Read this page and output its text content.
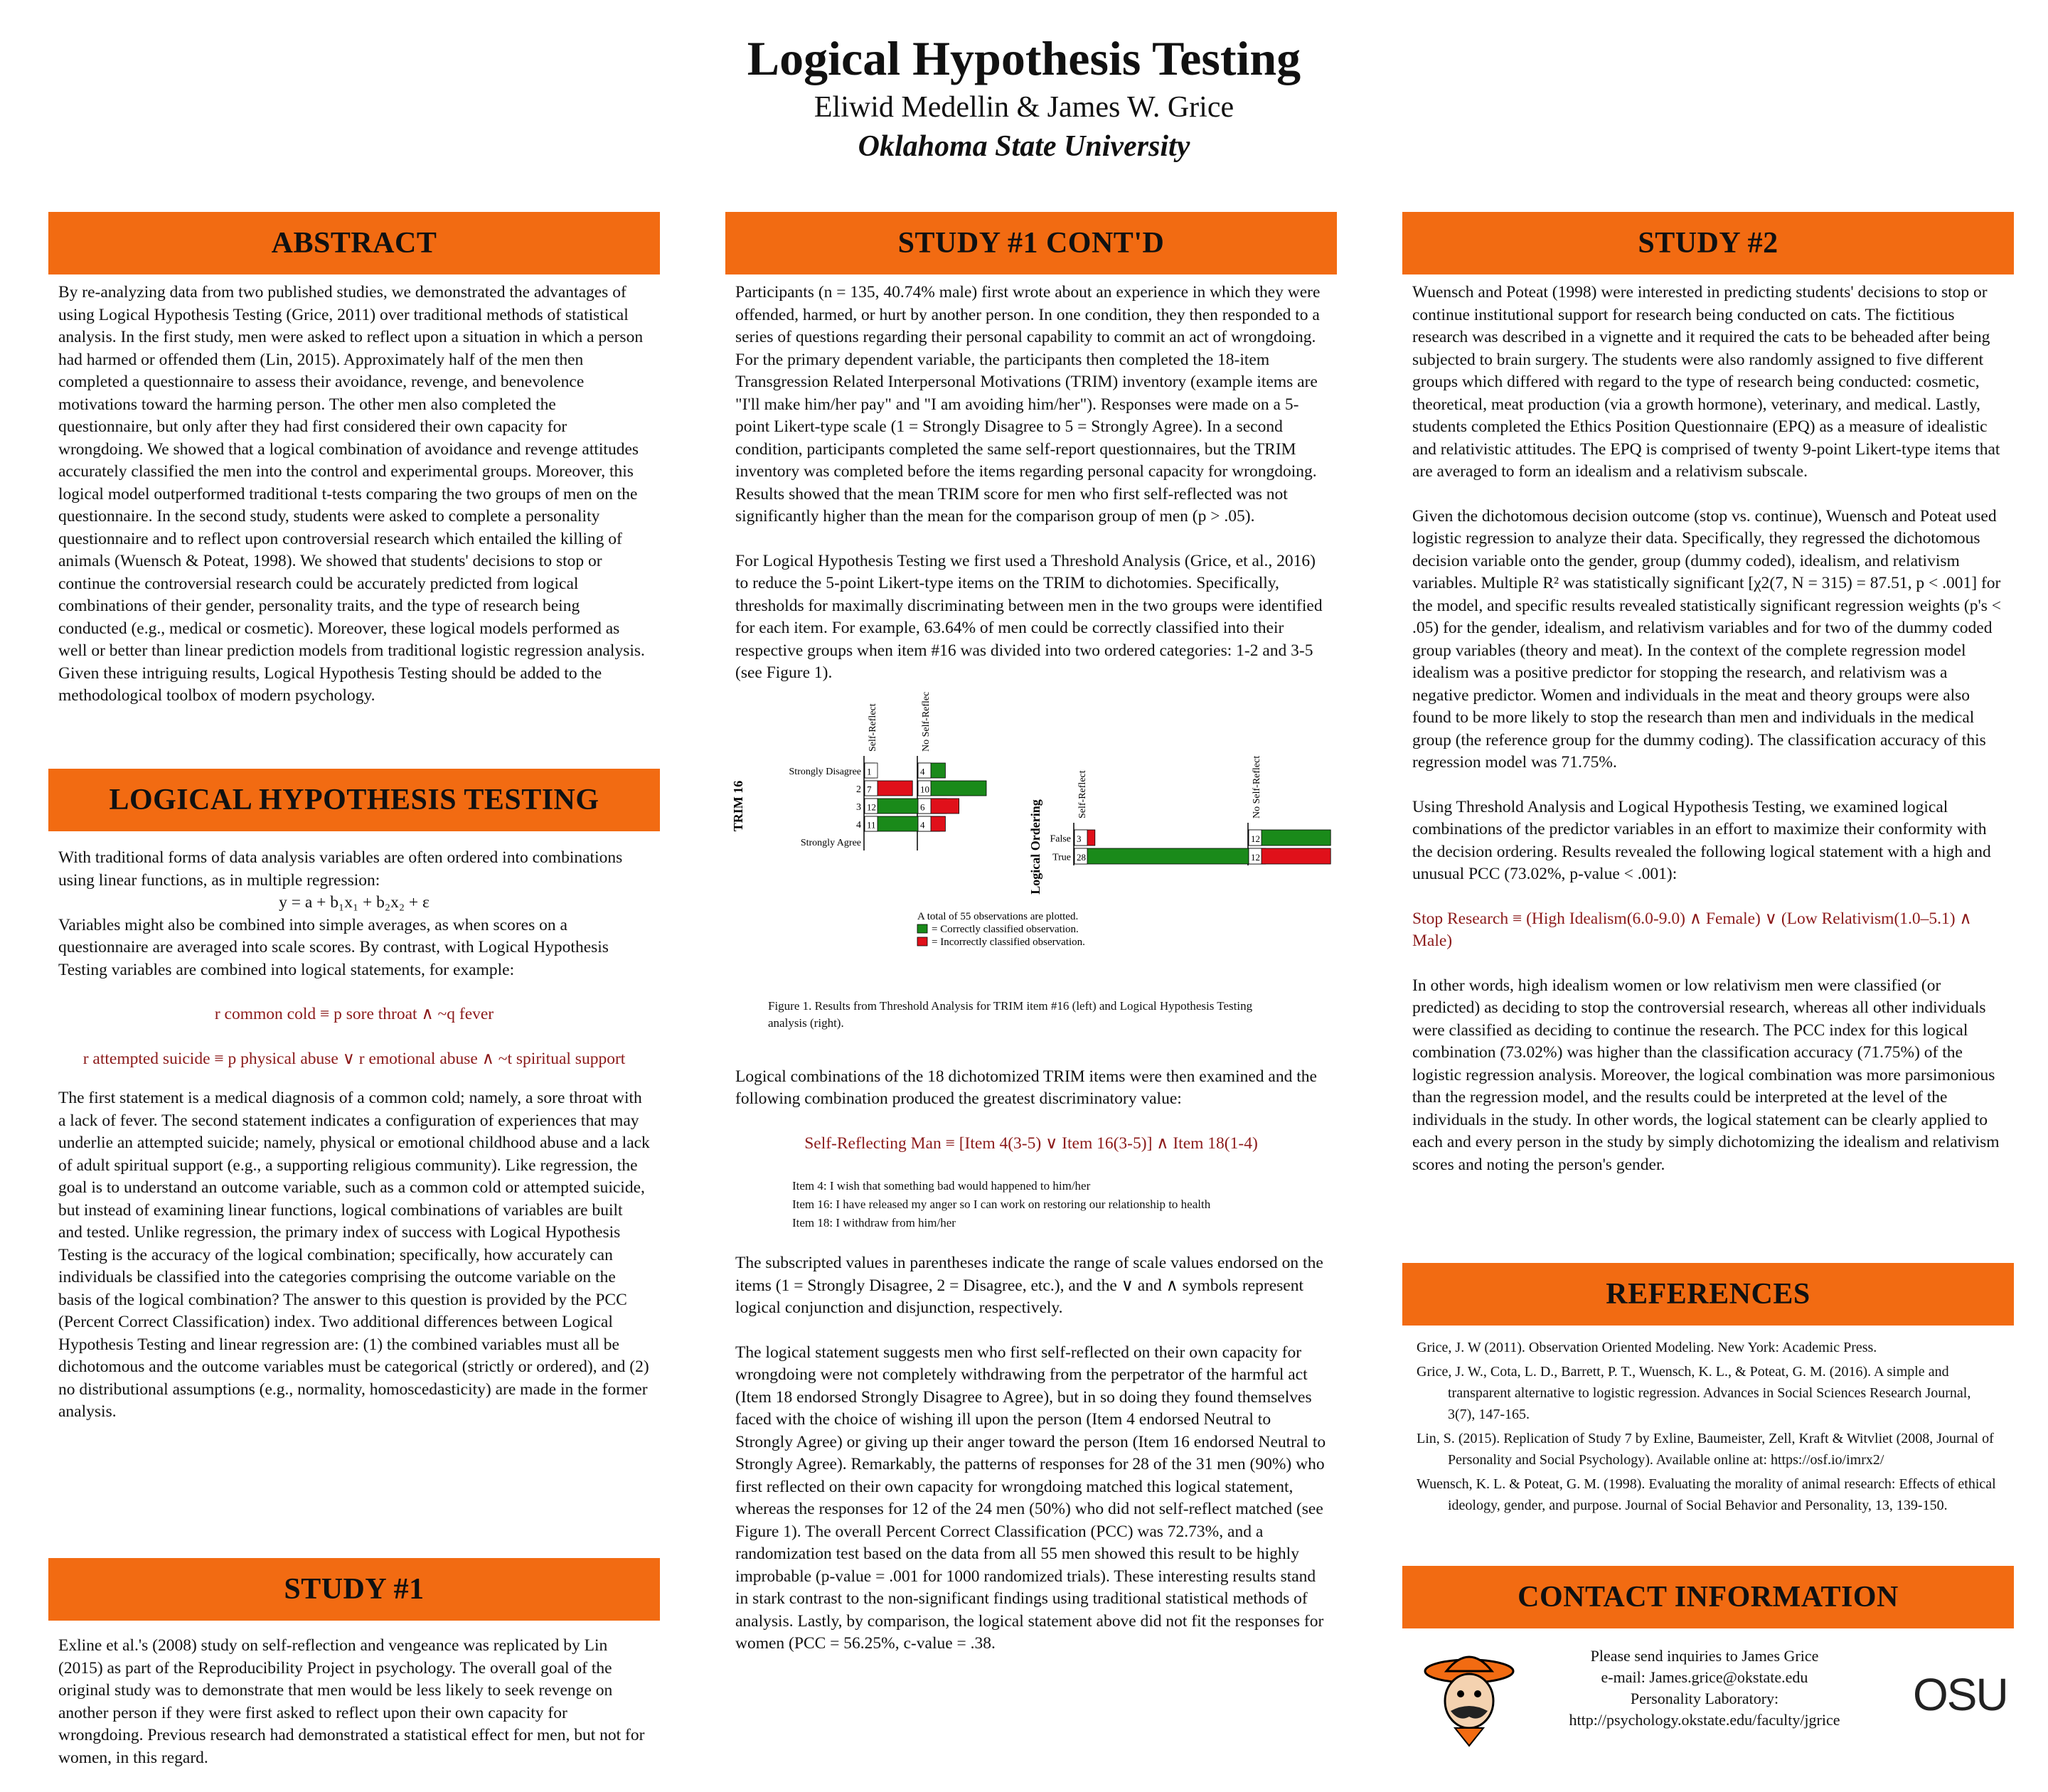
Logical Hypothesis Testing
Eliwid Medellin & James W. Grice
Oklahoma State University
ABSTRACT

By re-analyzing data from two published studies, we demonstrated the advantages of using Logical Hypothesis Testing (Grice, 2011) over traditional methods of statistical analysis. In the first study, men were asked to reflect upon a situation in which a person had harmed or offended them (Lin, 2015). Approximately half of the men then completed a questionnaire to assess their avoidance, revenge, and benevolence motivations toward the harming person. The other men also completed the questionnaire, but only after they had first considered their own capacity for wrongdoing. We showed that a logical combination of avoidance and revenge attitudes accurately classified the men into the control and experimental groups. Moreover, this logical model outperformed traditional t-tests comparing the two groups of men on the questionnaire. In the second study, students were asked to complete a personality questionnaire and to reflect upon controversial research which entailed the killing of animals (Wuensch & Poteat, 1998). We showed that students' decisions to stop or continue the controversial research could be accurately predicted from logical combinations of their gender, personality traits, and the type of research being conducted (e.g., medical or cosmetic). Moreover, these logical models performed as well or better than linear prediction models from traditional logistic regression analysis. Given these intriguing results, Logical Hypothesis Testing should be added to the methodological toolbox of modern psychology.

LOGICAL HYPOTHESIS TESTING
With traditional forms of data analysis variables are often ordered into combinations using linear functions, as in multiple regression:
y = a + b₁x₁ + b₂x₂ + ε

Variables might also be combined into simple averages, as when scores on a questionnaire are averaged into scale scores. By contrast, with Logical Hypothesis Testing variables are combined into logical statements, for example:

r common cold ≡ p sore throat ∧ ~q fever

r attempted suicide ≡ p physical abuse ∨ r emotional abuse ∧ ~t spiritual support

The first statement is a medical diagnosis of a common cold; namely, a sore throat with a lack of fever. The second statement indicates a configuration of experiences that may underlie an attempted suicide; namely, physical or emotional childhood abuse and a lack of adult spiritual support (e.g., a supporting religious community). Like regression, the goal is to understand an outcome variable, such as a common cold or attempted suicide, but instead of examining linear functions, logical combinations of variables are built and tested. Unlike regression, the primary index of success with Logical Hypothesis Testing is the accuracy of the logical combination; specifically, how accurately can individuals be classified into the categories comprising the outcome variable on the basis of the logical combination? The answer to this question is provided by the PCC (Percent Correct Classification) index. Two additional differences between Logical Hypothesis Testing and linear regression are: (1) the combined variables must all be dichotomous and the outcome variables must be categorical (strictly or ordered), and (2) no distributional assumptions (e.g., normality, homoscedasticity) are made in the former analysis.

STUDY #1

Exline et al.'s (2008) study on self-reflection and vengeance was replicated by Lin (2015) as part of the Reproducibility Project in psychology. The overall goal of the original study was to demonstrate that men would be less likely to seek revenge on another person if they were first asked to reflect upon their own capacity for wrongdoing. Previous research had demonstrated a statistical effect for men, but not for women, in this regard.

STUDY #1 CONT'D

Participants (n = 135, 40.74% male) first wrote about an experience in which they were offended, harmed, or hurt by another person. In one condition, they then responded to a series of questions regarding their personal capability to commit an act of wrongdoing. For the primary dependent variable, the participants then completed the 18-item Transgression Related Interpersonal Motivations (TRIM) inventory (example items are "I'll make him/her pay" and "I am avoiding him/her"). Responses were made on a 5-point Likert-type scale (1 = Strongly Disagree to 5 = Strongly Agree). In a second condition, participants completed the same self-report questionnaires, but the TRIM inventory was completed before the items regarding personal capacity for wrongdoing. Results showed that the mean TRIM score for men who first self-reflected was not significantly higher than the mean for the comparison group of men (p > .05).

For Logical Hypothesis Testing we first used a Threshold Analysis (Grice, et al., 2016) to reduce the 5-point Likert-type items on the TRIM to dichotomies. Specifically, thresholds for maximally discriminating between men in the two groups were identified for each item. For example, 63.64% of men could be correctly classified into their respective groups when item #16 was divided into two ordered categories: 1-2 and 3-5 (see Figure 1).

TRIM 16
Self-Reflect	No Self-Reflect
Strongly Disagree 1	4
2 7	10
3 12	6
4 11	4
Strongly Agree	Logical Ordering
Self-Reflect	No Self-Reflect
False 3	12
True 28	12
A total of 55 observations are plotted.
= Correctly classified observation.
= Incorrectly classified observation.
Figure 1. Results from Threshold Analysis for TRIM item #16 (left) and Logical Hypothesis Testing analysis (right).

Logical combinations of the 18 dichotomized TRIM items were then examined and the following combination produced the greatest discriminatory value:

Self-Reflecting Man ≡ [Item 4(3-5) ∨ Item 16(3-5)] ∧ Item 18(1-4)

Item 4: I wish that something bad would happened to him/her
Item 16: I have released my anger so I can work on restoring our relationship to health
Item 18: I withdraw from him/her

The subscripted values in parentheses indicate the range of scale values endorsed on the items (1 = Strongly Disagree, 2 = Disagree, etc.), and the ∨ and ∧ symbols represent logical conjunction and disjunction, respectively.

The logical statement suggests men who first self-reflected on their own capacity for wrongdoing were not completely withdrawing from the perpetrator of the harmful act (Item 18 endorsed Strongly Disagree to Agree), but in so doing they found themselves faced with the choice of wishing ill upon the person (Item 4 endorsed Neutral to Strongly Agree) or giving up their anger toward the person (Item 16 endorsed Neutral to Strongly Agree). Remarkably, the patterns of responses for 28 of the 31 men (90%) who first reflected on their own capacity for wrongdoing matched this logical statement, whereas the responses for 12 of the 24 men (50%) who did not self-reflect matched (see Figure 1). The overall Percent Correct Classification (PCC) was 72.73%, and a randomization test based on the data from all 55 men showed this result to be highly improbable (p-value = .001 for 1000 randomized trials). These interesting results stand in stark contrast to the non-significant findings using traditional statistical methods of analysis. Lastly, by comparison, the logical statement above did not fit the responses for women (PCC = 56.25%, c-value = .38.

STUDY #2

Wuensch and Poteat (1998) were interested in predicting students' decisions to stop or continue institutional support for research being conducted on cats. The fictitious research was described in a vignette and it required the cats to be beheaded after being subjected to brain surgery. The students were also randomly assigned to five different groups which differed with regard to the type of research being conducted: cosmetic, theoretical, meat production (via a growth hormone), veterinary, and medical. Lastly, students completed the Ethics Position Questionnaire (EPQ) as a measure of idealistic and relativistic attitudes. The EPQ is comprised of twenty 9-point Likert-type items that are averaged to form an idealism and a relativism subscale.

Given the dichotomous decision outcome (stop vs. continue), Wuensch and Poteat used logistic regression to analyze their data. Specifically, they regressed the dichotomous decision variable onto the gender, group (dummy coded), idealism, and relativism variables. Multiple R² was statistically significant [χ2(7, N = 315) = 87.51, p < .001] for the model, and specific results revealed statistically significant regression weights (p's < .05) for the gender, idealism, and relativism variables and for two of the dummy coded group variables (theory and meat). In the context of the complete regression model idealism was a positive predictor for stopping the research, and relativism was a negative predictor. Women and individuals in the meat and theory groups were also found to be more likely to stop the research than men and individuals in the medical group (the reference group for the dummy coding). The classification accuracy of this regression model was 71.75%.

Using Threshold Analysis and Logical Hypothesis Testing, we examined logical combinations of the predictor variables in an effort to maximize their conformity with the decision ordering. Results revealed the following logical statement with a high and unusual PCC (73.02%, p-value < .001):

Stop Research ≡ (High Idealism(6.0-9.0) ∧ Female) ∨ (Low Relativism(1.0–5.1) ∧ Male)

In other words, high idealism women or low relativism men were classified (or predicted) as deciding to stop the controversial research, whereas all other individuals were classified as deciding to continue the research. The PCC index for this logical combination (73.02%) was higher than the classification accuracy (71.75%) of the logistic regression analysis. Moreover, the logical combination was more parsimonious than the regression model, and the results could be interpreted at the level of the individuals in the study. In other words, the logical statement can be clearly applied to each and every person in the study by simply dichotomizing the idealism and relativism scores and noting the person's gender.

REFERENCES
Grice, J. W (2011). Observation Oriented Modeling. New York: Academic Press.
Grice, J. W., Cota, L. D., Barrett, P. T., Wuensch, K. L., & Poteat, G. M. (2016). A simple and transparent alternative to logistic regression. Advances in Social Sciences Research Journal, 3(7), 147-165.
Lin, S. (2015). Replication of Study 7 by Exline, Baumeister, Zell, Kraft & Witvliet (2008, Journal of Personality and Social Psychology). Available online at: https://osf.io/imrx2/
Wuensch, K. L. & Poteat, G. M. (1998). Evaluating the morality of animal research: Effects of ethical ideology, gender, and purpose. Journal of Social Behavior and Personality, 13, 139-150.
CONTACT INFORMATION
Please send inquiries to James Grice
e-mail: James.grice@okstate.edu
Personality Laboratory:
http://psychology.okstate.edu/faculty/jgrice	OSU
